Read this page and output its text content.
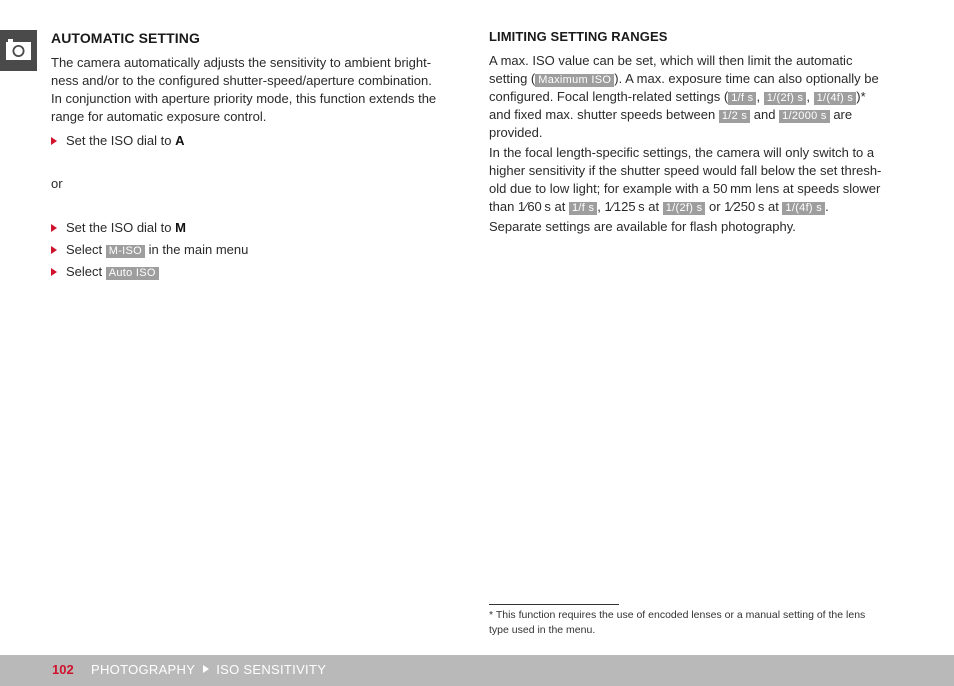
AUTOMATIC SETTING

The camera automatically adjusts the sensitivity to ambient bright-
ness and/or to the configured shutter-speed/aperture combination.
In conjunction with aperture priority mode, this function extends the
range for automatic exposure control.

Set the ISO dial to A

or

Set the ISO dial to M

Select M-ISO in the main menu

Select Auto ISO

LIMITING SETTING RANGES

A max. ISO value can be set, which will then limit the automatic
setting ( Maximum ISO ). A max. exposure time can also optionally be
configured. Focal length-related settings ( 1/f s , 1/(2f) s , 1/(4f) s )*
and fixed max. shutter speeds between 1/2 s and 1/2000 s are
provided.

In the focal length-specific settings, the camera will only switch to a
higher sensitivity if the shutter speed would fall below the set thresh-
old due to low light; for example with a 50 mm lens at speeds slower
than 1⁄60 s at 1/f s , 1⁄125 s at 1/(2f) s or 1⁄250 s at 1/(4f) s .

Separate settings are available for flash photography.

* This function requires the use of encoded lenses or a manual setting of the lens
type used in the menu.

102 PHOTOGRAPHY ISO SENSITIVITY
